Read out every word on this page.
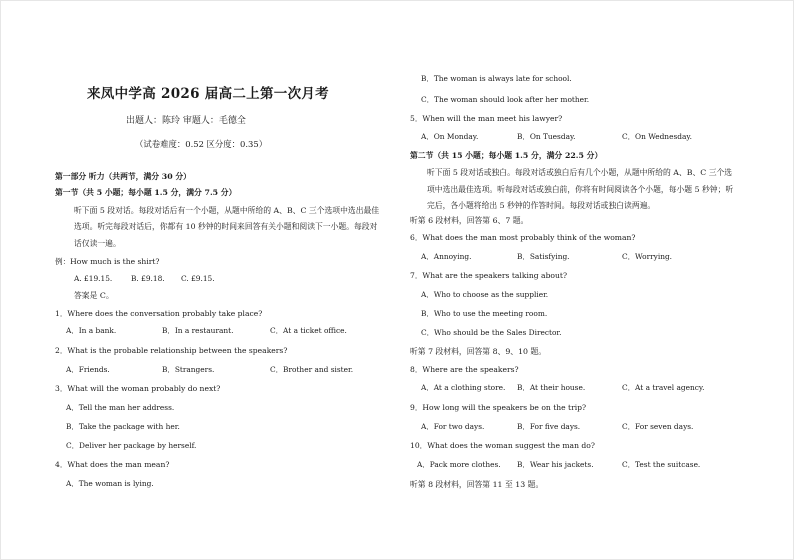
来凤中学高 2026 届高二上第一次月考
出题人：陈玲 审题人：毛德全
（试卷难度：0.52 区分度：0.35）
第一部分 听力（共两节，满分 30 分）
第一节（共 5 小题；每小题 1.5 分，满分 7.5 分）
听下面 5 段对话。每段对话后有一个小题，从题中所给的 A、B、C 三个选项中选出最佳
选项。听完每段对话后，你都有 10 秒钟的时间来回答有关小题和阅读下一小题。每段对
话仅读一遍。
例：How much is the shirt?
A. £19.15.	B. £9.18. C. £9.15.
答案是 C。
1．Where does the conversation probably take place?
A．In a bank.	B．In a restaurant.	C．At a ticket office.
2．What is the probable relationship between the speakers?
A．Friends.	B．Strangers.	C．Brother and sister.
3．What will the woman probably do next?
A．Tell the man her address.
B．Take the package with her.
C．Deliver her package by herself.
4．What does the man mean?
A．The woman is lying.
B．The woman is always late for school.
C．The woman should look after her mother.
5．When will the man meet his lawyer?
A．On Monday.	B．On Tuesday.	C．On Wednesday.
第二节（共 15 小题；每小题 1.5 分，满分 22.5 分）
听下面 5 段对话或独白。每段对话或独白后有几个小题，从题中所给的 A、B、C 三个选
项中选出最佳选项。听每段对话或独白前，你将有时间阅读各个小题，每小题 5 秒钟；听
完后，各小题将给出 5 秒钟的作答时间。每段对话或独白读两遍。
听第 6 段材料，回答第 6、7 题。
6．What does the man most probably think of the woman?
A．Annoying.	B．Satisfying.	C．Worrying.
7．What are the speakers talking about?
A．Who to choose as the supplier.
B．Who to use the meeting room.
C．Who should be the Sales Director.
听第 7 段材料，回答第 8、9、10 题。
8．Where are the speakers?
A．At a clothing store. B．At their house.	C．At a travel agency.
9．How long will the speakers be on the trip?
A．For two days.	B．For five days.	C．For seven days.
10．What does the woman suggest the man do?
A．Pack more clothes. B．Wear his jackets.	C．Test the suitcase.
听第 8 段材料，回答第 11 至 13 题。
